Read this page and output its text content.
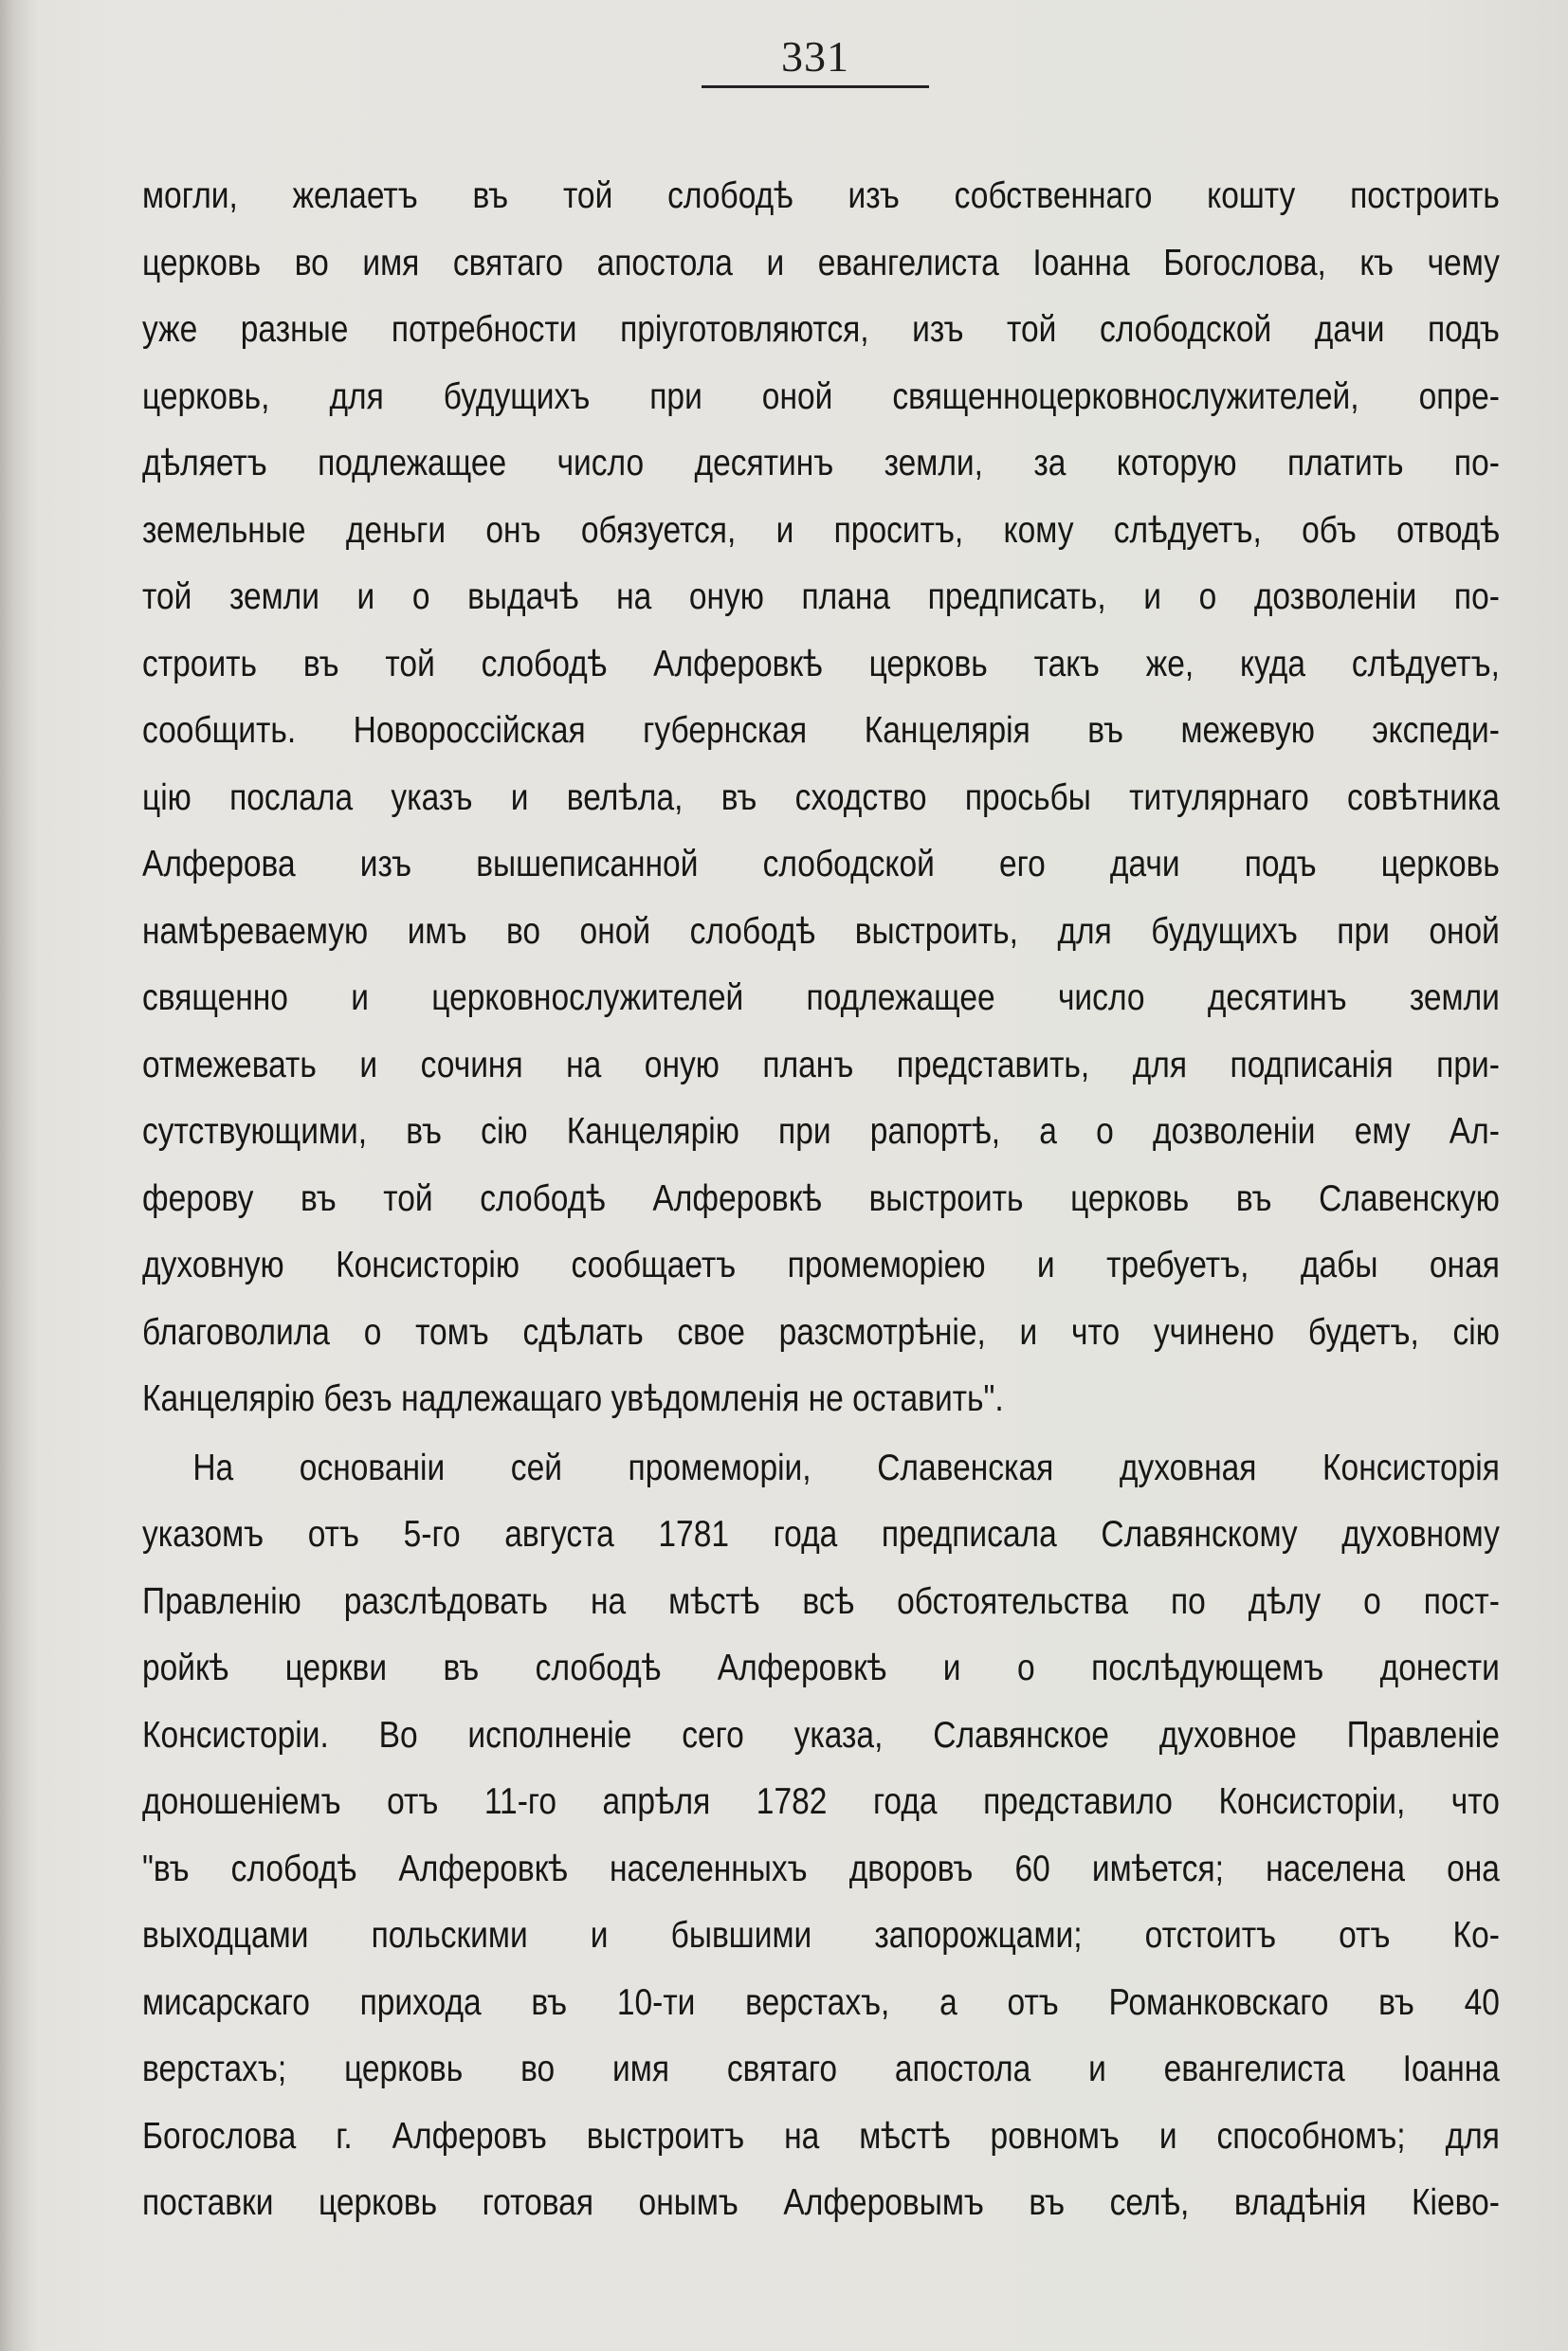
331
могли, желаетъ въ той слободѣ изъ собственнаго кошту построить
церковь во имя святаго апостола и евангелиста Іоанна Богослова, къ чему
уже разные потребности пріуготовляются, изъ той слободской дачи подъ
церковь, для будущихъ при оной священноцерковнослужителей, опре-
дѣляетъ подлежащее число десятинъ земли, за которую платить по-
земельные деньги онъ обязуется, и проситъ, кому слѣдуетъ, объ отводѣ
той земли и о выдачѣ на оную плана предписать, и о дозволеніи по-
строить въ той слободѣ Алферовкѣ церковь такъ же, куда слѣдуетъ,
сообщить. Новороссійская губернская Канцелярія въ межевую экспеди-
цію послала указъ и велѣла, въ сходство просьбы титулярнаго совѣтника
Алферова изъ вышеписанной слободской его дачи подъ церковь
намѣреваемую имъ во оной слободѣ выстроить, для будущихъ при оной
священно и церковнослужителей подлежащее число десятинъ земли
отмежевать и сочиня на оную планъ представить, для подписанія при-
сутствующими, въ сію Канцелярію при рапортѣ, а о дозволеніи ему Ал-
ферову въ той слободѣ Алферовкѣ выстроить церковь въ Славенскую
духовную Консисторію сообщаетъ промеморіею и требуетъ, дабы оная
благоволила о томъ сдѣлать свое разсмотрѣніе, и что учинено будетъ, сію
Канцелярію безъ надлежащаго увѣдомленія не оставить".
На основаніи сей промеморіи, Славенская духовная Консисторія
указомъ отъ 5-го августа 1781 года предписала Славянскому духовному
Правленію разслѣдовать на мѣстѣ всѣ обстоятельства по дѣлу о пост-
ройкѣ церкви въ слободѣ Алферовкѣ и о послѣдующемъ донести
Консисторіи. Во исполненіе сего указа, Славянское духовное Правленіе
доношеніемъ отъ 11-го апрѣля 1782 года представило Консисторіи, что
"въ слободѣ Алферовкѣ населенныхъ дворовъ 60 имѣется; населена она
выходцами польскими и бывшими запорожцами; отстоитъ отъ Ко-
мисарскаго прихода въ 10-ти верстахъ, а отъ Романковскаго въ 40
верстахъ; церковь во имя святаго апостола и евангелиста Іоанна
Богослова г. Алферовъ выстроитъ на мѣстѣ ровномъ и способномъ; для
поставки церковь готовая онымъ Алферовымъ въ селѣ, владѣнія Кіево-
